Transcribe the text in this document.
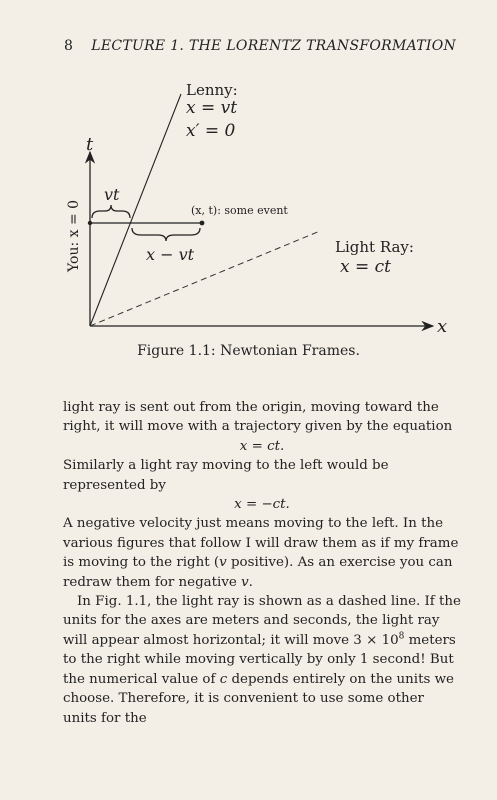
8 LECTURE 1. THE LORENTZ TRANSFORMATION
Lenny:
x = vt
x′ = 0
t
x
You: x = 0
vt
x − vt
(x, t): some event
Light Ray:
x = ct
Figure 1.1: Newtonian Frames.

light ray is sent out from the origin, moving toward the right, it will move with a trajectory given by the equation

x = ct.

Similarly a light ray moving to the left would be represented by

x = −ct.

A negative velocity just means moving to the left. In the various figures that follow I will draw them as if my frame is moving to the right (v positive). As an exercise you can redraw them for negative v.

In Fig. 1.1, the light ray is shown as a dashed line. If the units for the axes are meters and seconds, the light ray will appear almost horizontal; it will move $3 \times 10^8$ meters to the right while moving vertically by only 1 second! But the numerical value of c depends entirely on the units we choose. Therefore, it is convenient to use some other units for the
